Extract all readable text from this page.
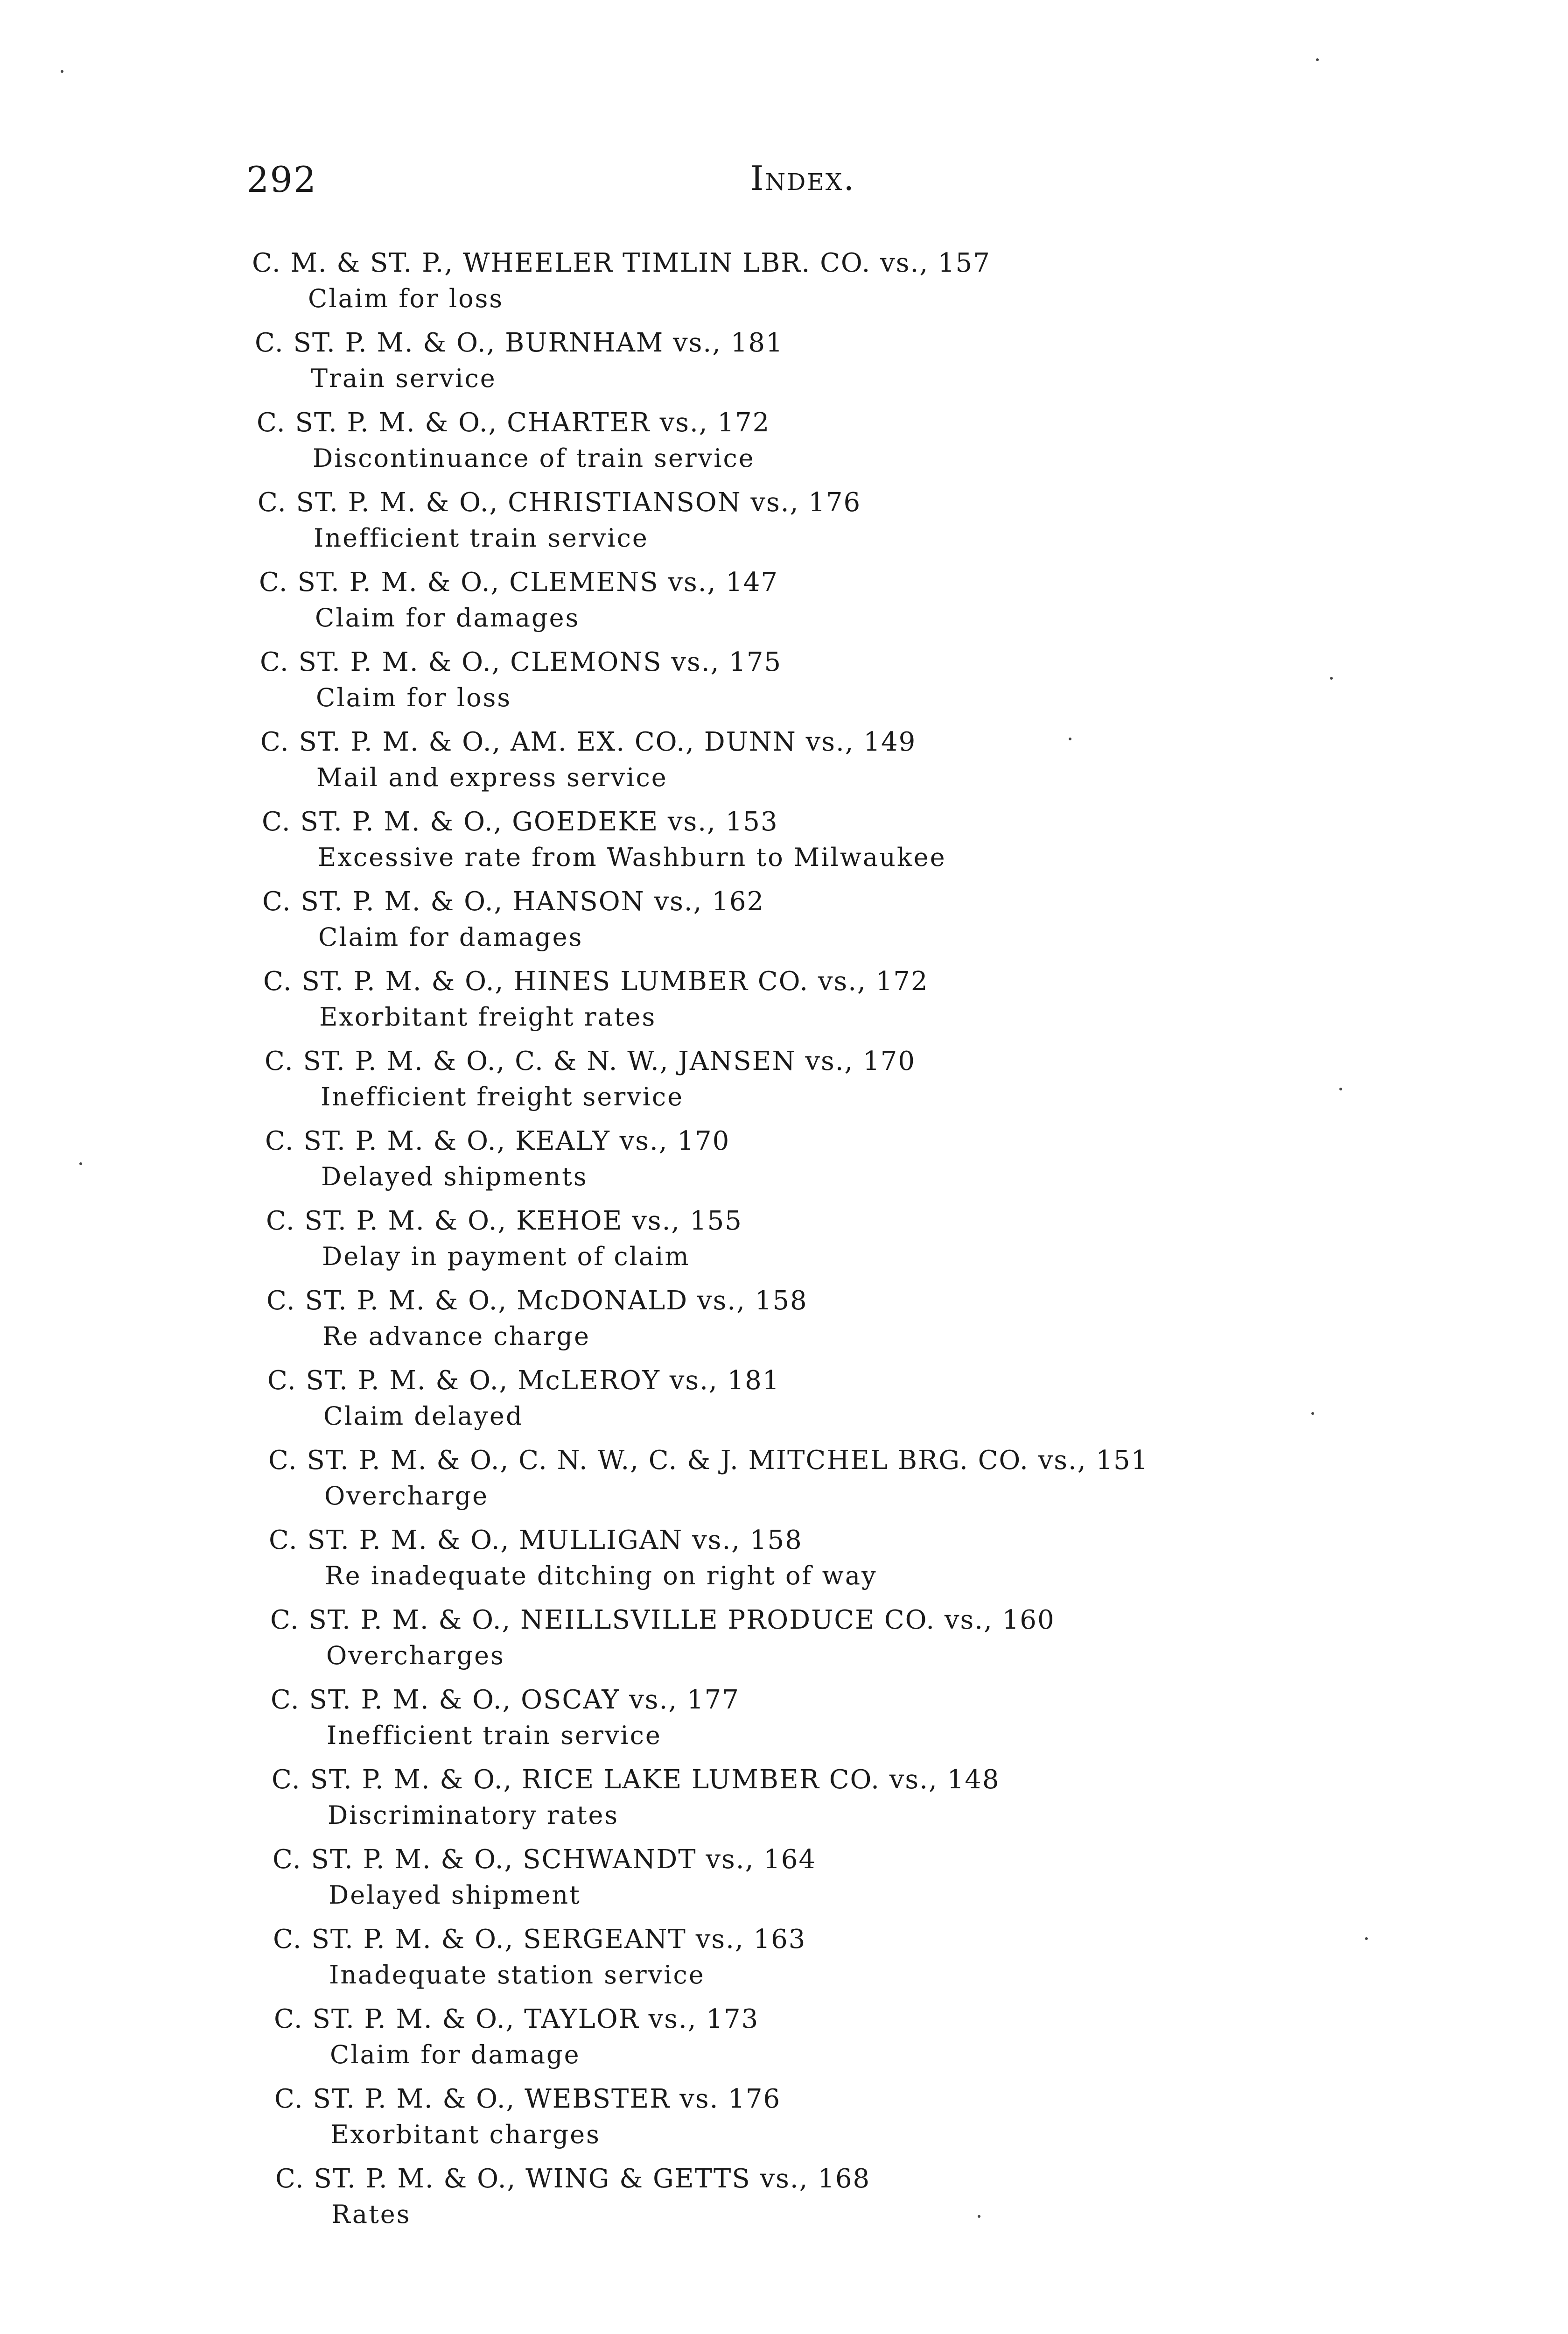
292	Index.
C. M. & ST. P., WHEELER TIMLIN LBR. CO. vs., 157
Claim for loss
C. ST. P. M. & O., BURNHAM vs., 181
Train service
C. ST. P. M. & O., CHARTER vs., 172
Discontinuance of train service
C. ST. P. M. & O., CHRISTIANSON vs., 176
Inefficient train service
C. ST. P. M. & O., CLEMENS vs., 147
Claim for damages
C. ST. P. M. & O., CLEMONS vs., 175
Claim for loss
C. ST. P. M. & O., AM. EX. CO., DUNN vs., 149
Mail and express service
C. ST. P. M. & O., GOEDEKE vs., 153
Excessive rate from Washburn to Milwaukee
C. ST. P. M. & O., HANSON vs., 162
Claim for damages
C. ST. P. M. & O., HINES LUMBER CO. vs., 172
Exorbitant freight rates
C. ST. P. M. & O., C. & N. W., JANSEN vs., 170
Inefficient freight service
C. ST. P. M. & O., KEALY vs., 170
Delayed shipments
C. ST. P. M. & O., KEHOE vs., 155
Delay in payment of claim
C. ST. P. M. & O., McDONALD vs., 158
Re advance charge
C. ST. P. M. & O., McLEROY vs., 181
Claim delayed
C. ST. P. M. & O., C. N. W., C. & J. MITCHEL BRG. CO. vs., 151
Overcharge
C. ST. P. M. & O., MULLIGAN vs., 158
Re inadequate ditching on right of way
C. ST. P. M. & O., NEILLSVILLE PRODUCE CO. vs., 160
Overcharges
C. ST. P. M. & O., OSCAY vs., 177
Inefficient train service
C. ST. P. M. & O., RICE LAKE LUMBER CO. vs., 148
Discriminatory rates
C. ST. P. M. & O., SCHWANDT vs., 164
Delayed shipment
C. ST. P. M. & O., SERGEANT vs., 163
Inadequate station service
C. ST. P. M. & O., TAYLOR vs., 173
Claim for damage
C. ST. P. M. & O., WEBSTER vs. 176
Exorbitant charges
C. ST. P. M. & O., WING & GETTS vs., 168
Rates
